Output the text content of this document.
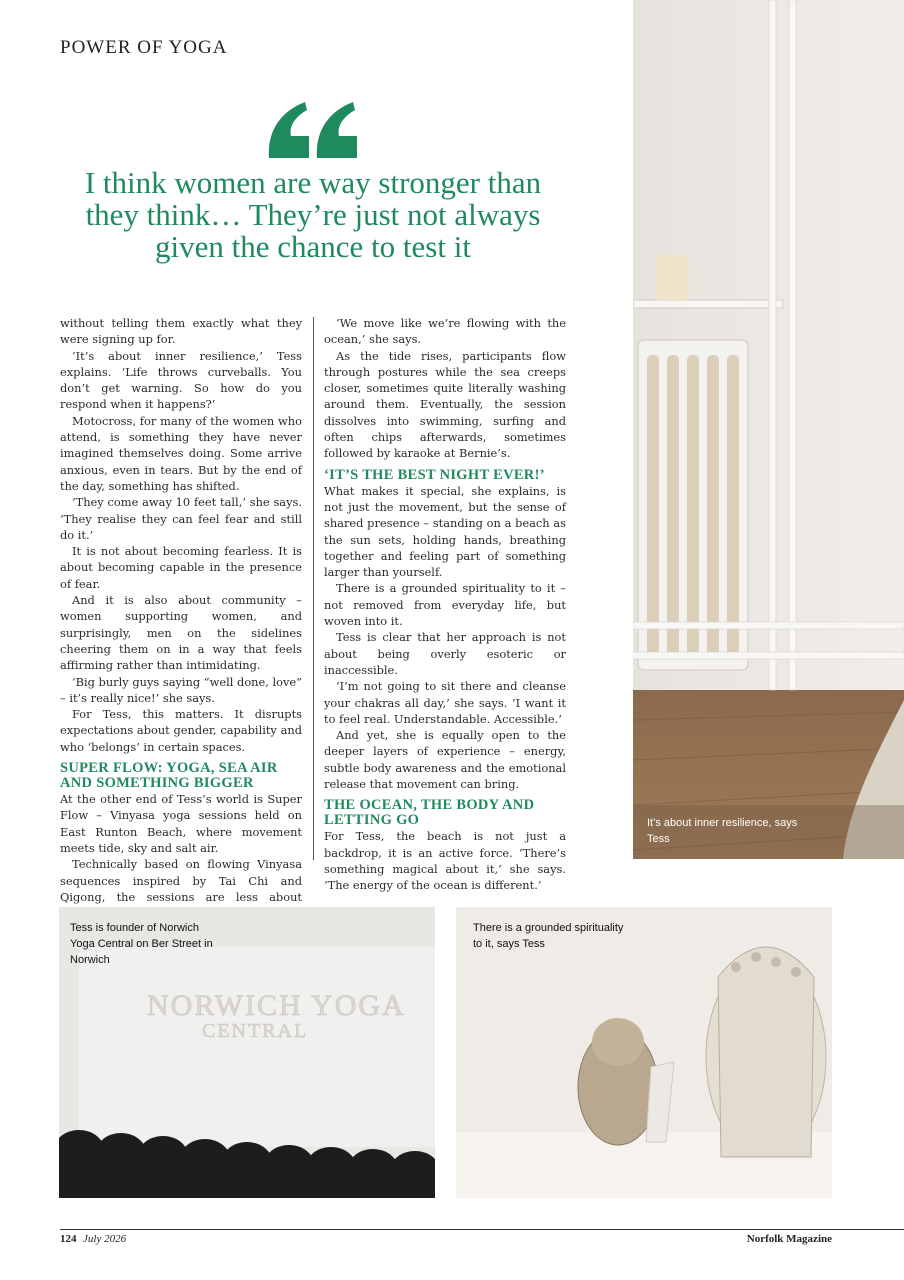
POWER OF YOGA
I think women are way stronger than they think… They’re just not always given the chance to test it

without telling them exactly what they were signing up for.

‘It’s about inner resilience,’ Tess explains. ‘Life throws curveballs. You don’t get warning. So how do you respond when it happens?’

Motocross, for many of the women who attend, is something they have never imagined themselves doing. Some arrive anxious, even in tears. But by the end of the day, something has shifted.

‘They come away 10 feet tall,’ she says. ‘They realise they can feel fear and still do it.’

It is not about becoming fearless. It is about becoming capable in the presence of fear.

And it is also about community – women supporting women, and surprisingly, men on the sidelines cheering them on in a way that feels affirming rather than intimidating.

‘Big burly guys saying “well done, love” – it’s really nice!’ she says.

For Tess, this matters. It disrupts expectations about gender, capability and who ‘belongs’ in certain spaces.

SUPER FLOW: YOGA, SEA AIR AND SOMETHING BIGGER

At the other end of Tess’s world is Super Flow – Vinyasa yoga sessions held on East Runton Beach, where movement meets tide, sky and salt air.

Technically based on flowing Vinyasa sequences inspired by Tai Chi and Qigong, the sessions are less about

‘We move like we’re flowing with the ocean,’ she says.

As the tide rises, participants flow through postures while the sea creeps closer, sometimes quite literally washing around them. Eventually, the session dissolves into swimming, surfing and often chips afterwards, sometimes followed by karaoke at Bernie’s.

‘IT’S THE BEST NIGHT EVER!’

What makes it special, she explains, is not just the movement, but the sense of shared presence – standing on a beach as the sun sets, holding hands, breathing together and feeling part of something larger than yourself.

There is a grounded spirituality to it – not removed from everyday life, but woven into it.

Tess is clear that her approach is not about being overly esoteric or inaccessible.

‘I’m not going to sit there and cleanse your chakras all day,’ she says. ‘I want it to feel real. Understandable. Accessible.’

And yet, she is equally open to the deeper layers of experience – energy, subtle body awareness and the emotional release that movement can bring.

THE OCEAN, THE BODY AND LETTING GO

For Tess, the beach is not just a backdrop, it is an active force. ‘There’s something magical about it,’ she says. ‘The energy of the ocean is different.’

It’s about inner resilience, says Tess
NORWICH YOGA
CENTRAL
Tess is founder of Norwich Yoga Central on Ber Street in Norwich
There is a grounded spirituality to it, says Tess
124 July 2026	Norfolk Magazine
